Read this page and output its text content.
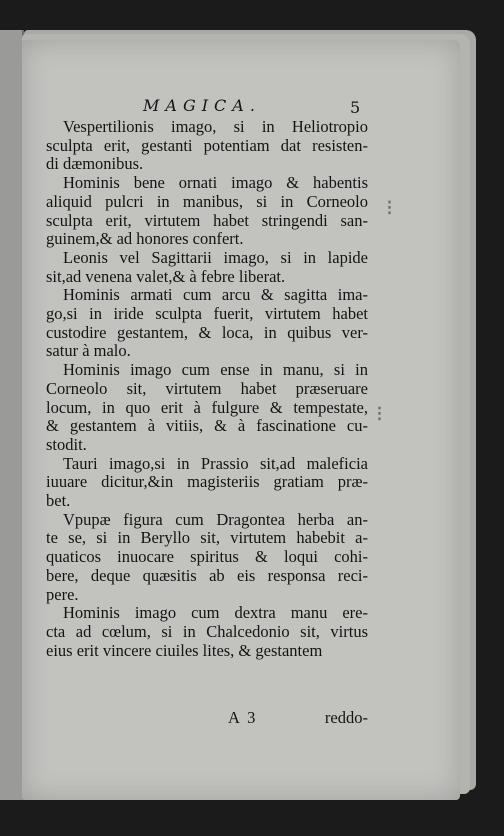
MAGICA.	5
⁝
⁝
Vespertilionis imago, si in Heliotropio
sculpta erit, gestanti potentiam dat resisten-
di dæmonibus.
Hominis bene ornati imago & habentis
aliquid pulcri in manibus, si in Corneolo
sculpta erit, virtutem habet stringendi san-
guinem,& ad honores confert.
Leonis vel Sagittarii imago, si in lapide
sit,ad venena valet,& à febre liberat.
Hominis armati cum arcu & sagitta ima-
go,si in iride sculpta fuerit, virtutem habet
custodire gestantem, & loca, in quibus ver-
satur à malo.
Hominis imago cum ense in manu, si in
Corneolo sit, virtutem habet præseruare
locum, in quo erit à fulgure & tempestate,
& gestantem à vitiis, & à fascinatione cu-
stodit.
Tauri imago,si in Prassio sit,ad maleficia
iuuare dicitur,&in magisteriis gratiam præ-
bet.
Vpupæ figura cum Dragontea herba an-
te se, si in Beryllo sit, virtutem habebit a-
quaticos inuocare spiritus & loqui cohi-
bere, deque quæsitis ab eis responsa reci-
pere.
Hominis imago cum dextra manu ere-
cta ad cœlum, si in Chalcedonio sit, virtus
eius erit vincere ciuiles lites, & gestantem
A 3	reddo-
